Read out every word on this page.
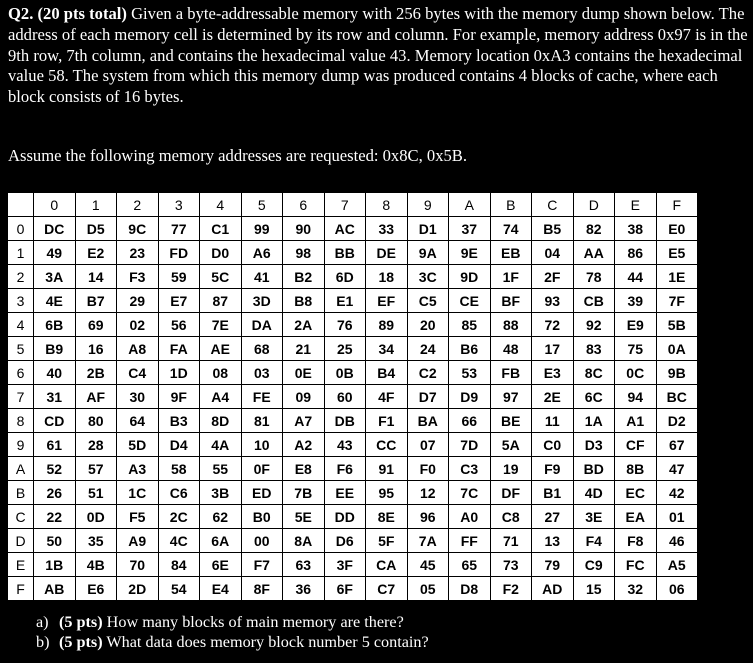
Q2. (20 pts total) Given a byte-addressable memory with 256 bytes with the memory dump shown below. The address of each memory cell is determined by its row and column. For example, memory address 0x97 is in the 9th row, 7th column, and contains the hexadecimal value 43. Memory location 0xA3 contains the hexadecimal value 58. The system from which this memory dump was produced contains 4 blocks of cache, where each block consists of 16 bytes.

Assume the following memory addresses are requested: 0x8C, 0x5B.

	0	1	2	3	4	5	6	7	8	9	A	B	C	D	E	F
0	DC	D5	9C	77	C1	99	90	AC	33	D1	37	74	B5	82	38	E0
1	49	E2	23	FD	D0	A6	98	BB	DE	9A	9E	EB	04	AA	86	E5
2	3A	14	F3	59	5C	41	B2	6D	18	3C	9D	1F	2F	78	44	1E
3	4E	B7	29	E7	87	3D	B8	E1	EF	C5	CE	BF	93	CB	39	7F
4	6B	69	02	56	7E	DA	2A	76	89	20	85	88	72	92	E9	5B
5	B9	16	A8	FA	AE	68	21	25	34	24	B6	48	17	83	75	0A
6	40	2B	C4	1D	08	03	0E	0B	B4	C2	53	FB	E3	8C	0C	9B
7	31	AF	30	9F	A4	FE	09	60	4F	D7	D9	97	2E	6C	94	BC
8	CD	80	64	B3	8D	81	A7	DB	F1	BA	66	BE	11	1A	A1	D2
9	61	28	5D	D4	4A	10	A2	43	CC	07	7D	5A	C0	D3	CF	67
A	52	57	A3	58	55	0F	E8	F6	91	F0	C3	19	F9	BD	8B	47
B	26	51	1C	C6	3B	ED	7B	EE	95	12	7C	DF	B1	4D	EC	42
C	22	0D	F5	2C	62	B0	5E	DD	8E	96	A0	C8	27	3E	EA	01
D	50	35	A9	4C	6A	00	8A	D6	5F	7A	FF	71	13	F4	F8	46
E	1B	4B	70	84	6E	F7	63	3F	CA	45	65	73	79	C9	FC	A5
F	AB	E6	2D	54	E4	8F	36	6F	C7	05	D8	F2	AD	15	32	06
a) (5 pts) How many blocks of main memory are there?
b) (5 pts) What data does memory block number 5 contain?
